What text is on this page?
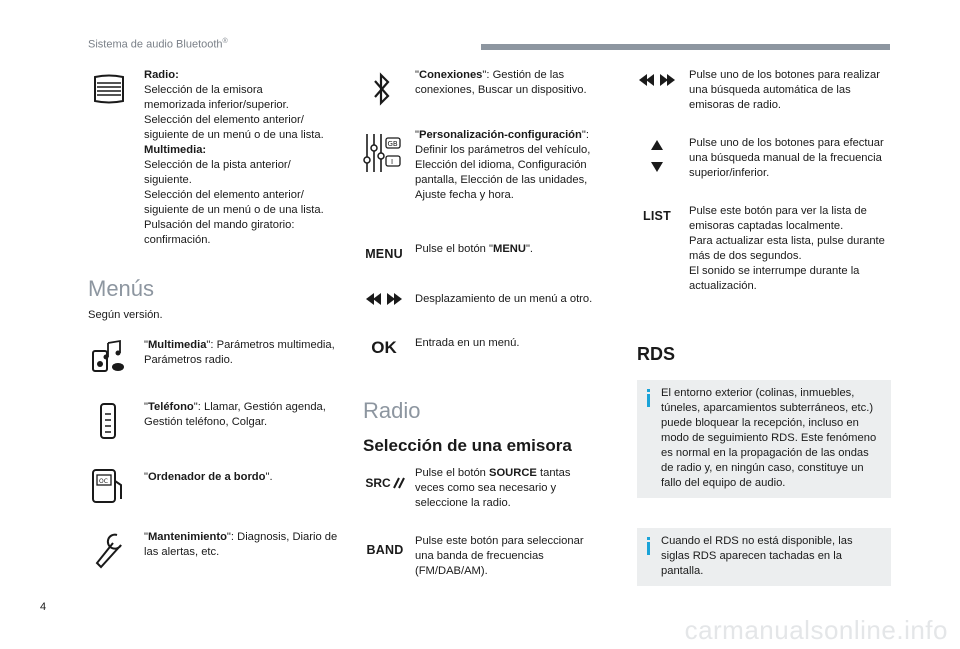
Sistema de audio Bluetooth®
Radio:
Selección de la emisora
memorizada inferior/superior.
Selección del elemento anterior/
siguiente de un menú o de una lista.
Multimedia:
Selección de la pista anterior/
siguiente.
Selección del elemento anterior/
siguiente de un menú o de una lista.
Pulsación del mando giratorio:
confirmación.
Menús
Según versión.
"Multimedia": Parámetros multimedia, Parámetros radio.
"Teléfono": Llamar, Gestión agenda, Gestión teléfono, Colgar.
OC	"Ordenador de a bordo".
"Mantenimiento": Diagnosis, Diario de las alertas, etc.
"Conexiones": Gestión de las conexiones, Buscar un dispositivo.
GB
I
"Personalización-configuración": Definir los parámetros del vehículo, Elección del idioma, Configuración pantalla, Elección de las unidades, Ajuste fecha y hora.
MENU Pulse el botón "MENU".
Desplazamiento de un menú a otro.
OK	Entrada en un menú.
Radio
Selección de una emisora
SRC
Pulse el botón SOURCE tantas veces como sea necesario y seleccione la radio.
BAND
Pulse este botón para seleccionar una banda de frecuencias (FM/DAB/AM).
Pulse uno de los botones para realizar una búsqueda automática de las emisoras de radio.
Pulse uno de los botones para efectuar una búsqueda manual de la frecuencia superior/inferior.
LIST	Pulse este botón para ver la lista de emisoras captadas localmente.
Para actualizar esta lista, pulse durante más de dos segundos.
El sonido se interrumpe durante la actualización.
RDS
El entorno exterior (colinas, inmuebles, túneles, aparcamientos subterráneos, etc.) puede bloquear la recepción, incluso en modo de seguimiento RDS. Este fenómeno es normal en la propagación de las ondas de radio y, en ningún caso, constituye un fallo del equipo de audio.
Cuando el RDS no está disponible, las siglas RDS aparecen tachadas en la pantalla.
4
carmanualsonline.info
